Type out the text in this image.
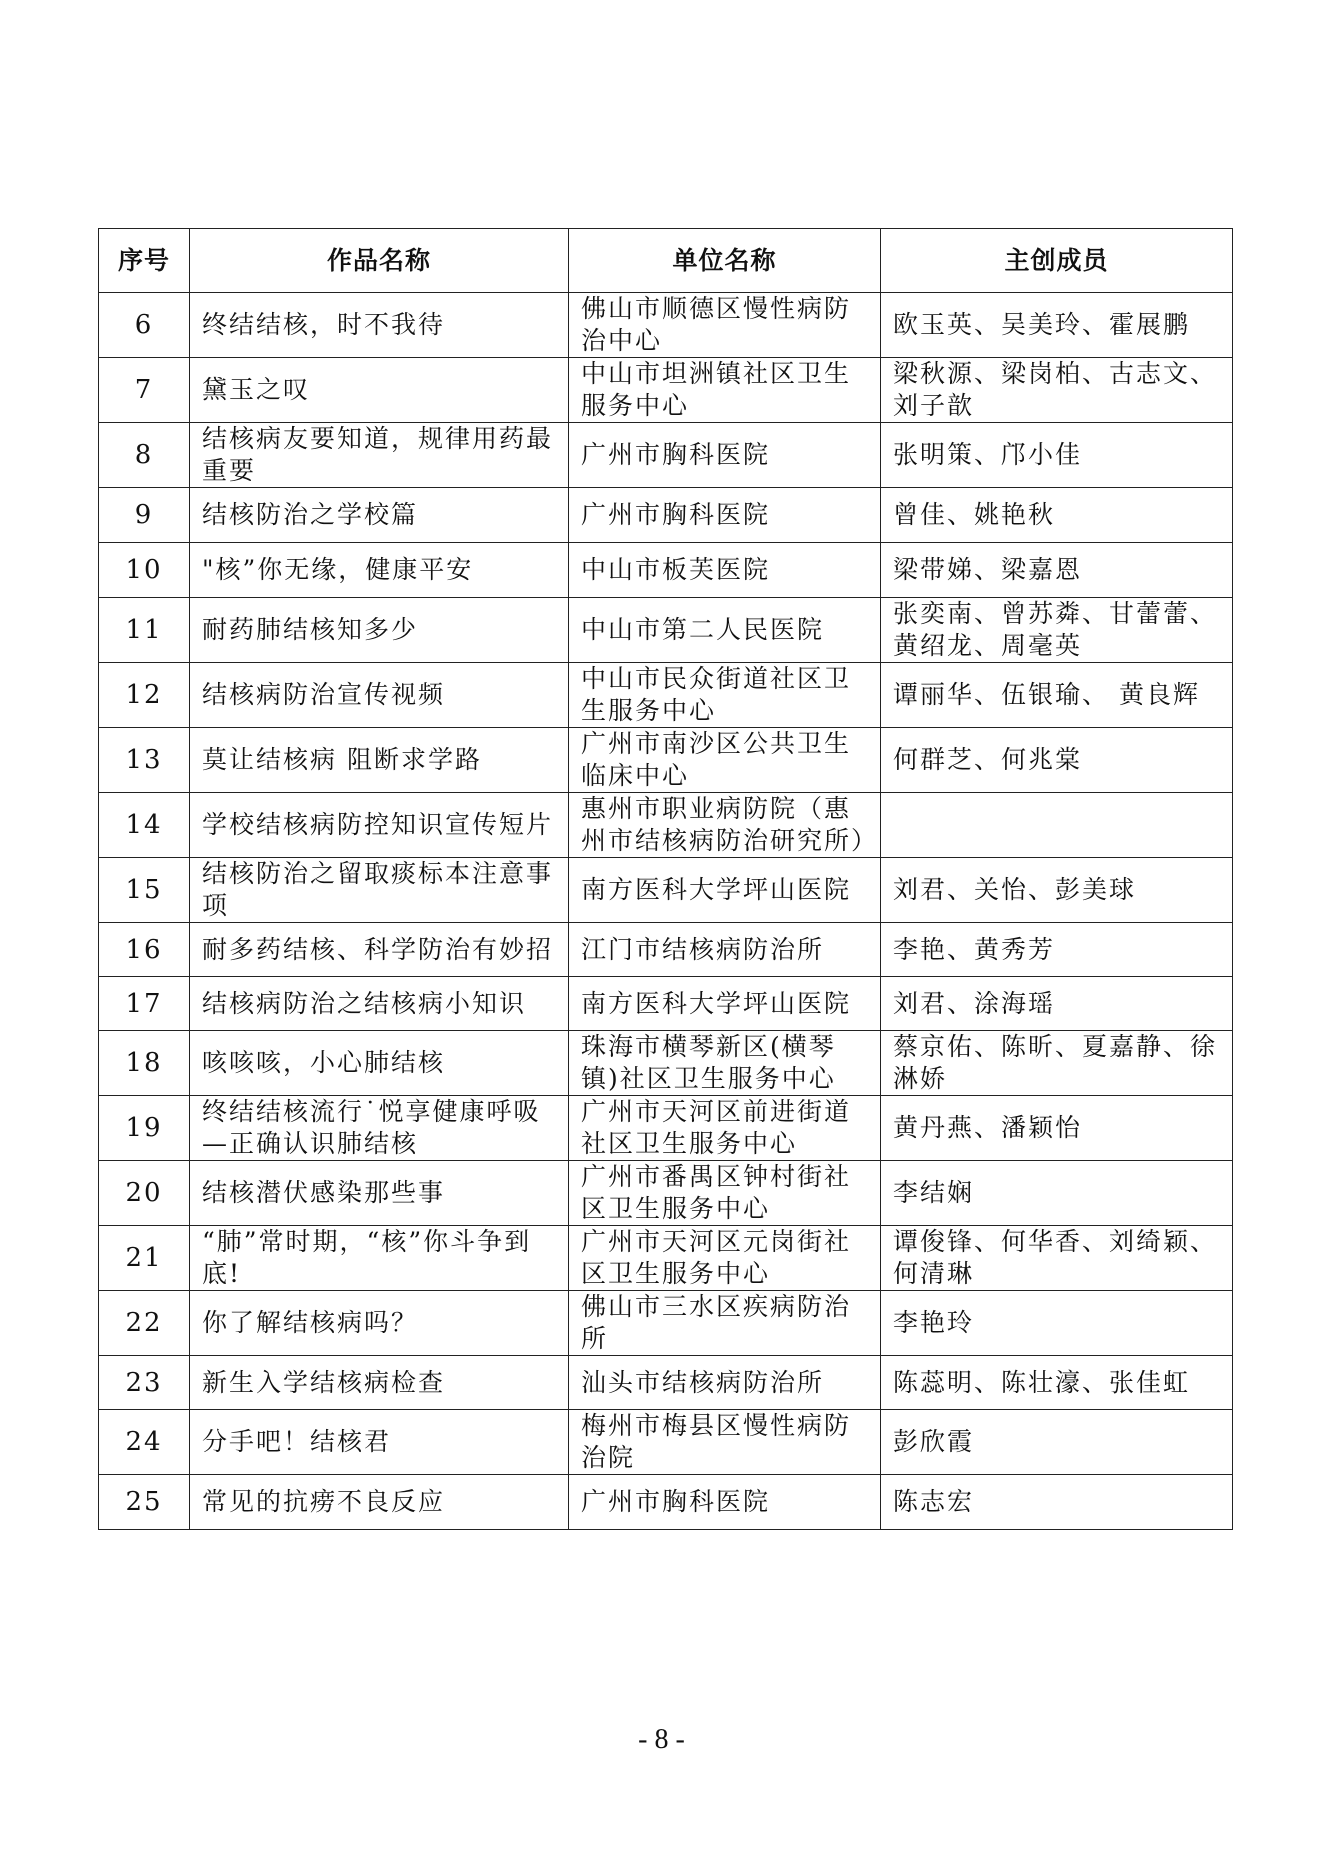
序号	作品名称	单位名称	主创成员
6	终结结核，时不我待	佛山市顺德区慢性病防治中心	欧玉英、吴美玲、霍展鹏
7	黛玉之叹	中山市坦洲镇社区卫生服务中心	梁秋源、梁岗柏、古志文、刘子歆
8	结核病友要知道，规律用药最重要	广州市胸科医院	张明策、邝小佳
9	结核防治之学校篇	广州市胸科医院	曾佳、姚艳秋
10	"核”你无缘，健康平安	中山市板芙医院	梁带娣、梁嘉恩
11	耐药肺结核知多少	中山市第二人民医院	张奕南、曾苏粦、甘蕾蕾、黄绍龙、周毫英
12	结核病防治宣传视频	中山市民众街道社区卫生服务中心	谭丽华、伍银瑜、 黄良辉
13	莫让结核病 阻断求学路	广州市南沙区公共卫生临床中心	何群芝、何兆棠
14	学校结核病防控知识宣传短片	惠州市职业病防院（惠州市结核病防治研究所）	
15	结核防治之留取痰标本注意事项	南方医科大学坪山医院	刘君、关怡、彭美球
16	耐多药结核、科学防治有妙招	江门市结核病防治所	李艳、黄秀芳
17	结核病防治之结核病小知识	南方医科大学坪山医院	刘君、涂海瑶
18	咳咳咳，小心肺结核	珠海市横琴新区(横琴镇)社区卫生服务中心	蔡京佑、陈昕、夏嘉静、徐淋娇
19	终结结核流行˙悦享健康呼吸—正确认识肺结核	广州市天河区前进街道社区卫生服务中心	黄丹燕、潘颖怡
20	结核潜伏感染那些事	广州市番禺区钟村街社区卫生服务中心	李结娴
21	“肺”常时期，“核”你斗争到底!	广州市天河区元岗街社区卫生服务中心	谭俊锋、何华香、刘绮颖、何清琳
22	你了解结核病吗？	佛山市三水区疾病防治所	李艳玲
23	新生入学结核病检查	汕头市结核病防治所	陈蕊明、陈壮濠、张佳虹
24	分手吧！结核君	梅州市梅县区慢性病防治院	彭欣霞
25	常见的抗痨不良反应	广州市胸科医院	陈志宏
- 8 -
